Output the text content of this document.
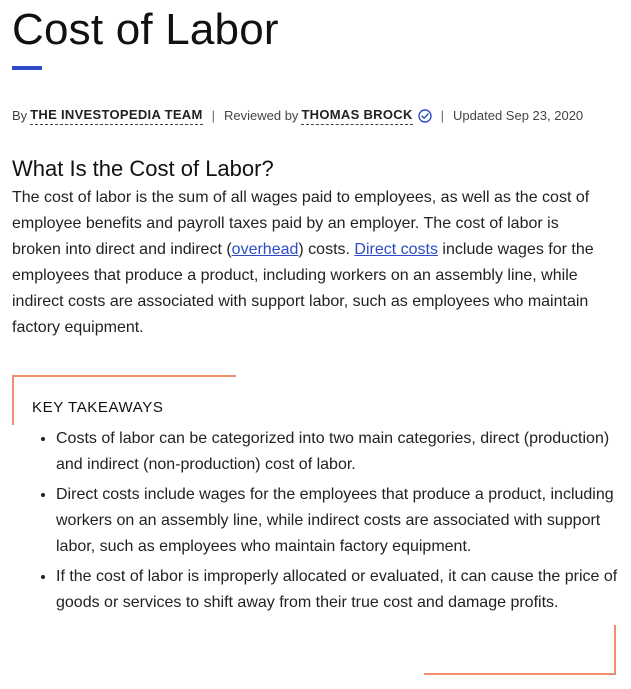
Cost of Labor
By THE INVESTOPEDIA TEAM | Reviewed by THOMAS BROCK | Updated Sep 23, 2020
What Is the Cost of Labor?

The cost of labor is the sum of all wages paid to employees, as well as the cost of employee benefits and payroll taxes paid by an employer. The cost of labor is broken into direct and indirect (overhead) costs. Direct costs include wages for the employees that produce a product, including workers on an assembly line, while indirect costs are associated with support labor, such as employees who maintain factory equipment.

KEY TAKEAWAYS
• Costs of labor can be categorized into two main categories, direct (production) and indirect (non-production) cost of labor.
• Direct costs include wages for the employees that produce a product, including workers on an assembly line, while indirect costs are associated with support labor, such as employees who maintain factory equipment.
• If the cost of labor is improperly allocated or evaluated, it can cause the price of goods or services to shift away from their true cost and damage profits.
